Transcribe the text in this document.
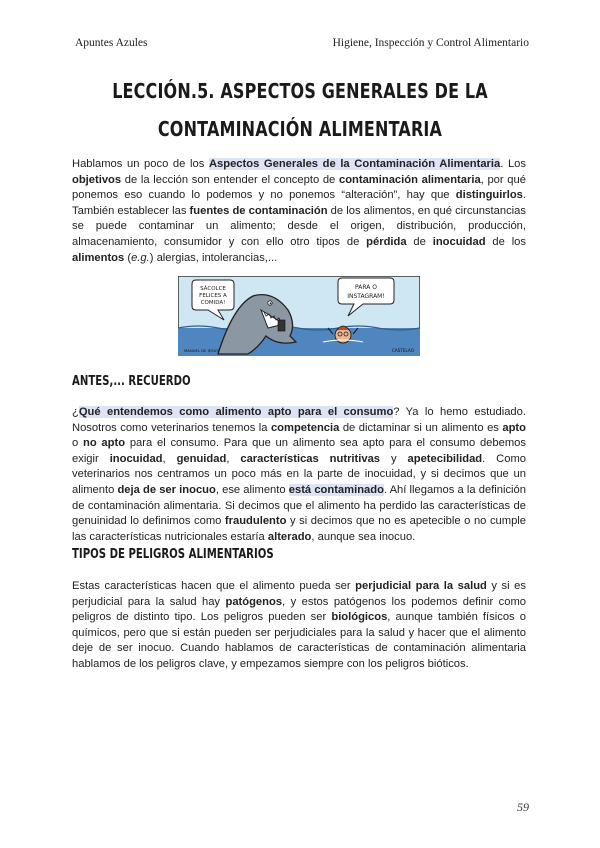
Apuntes Azules	Higiene, Inspección y Control Alimentario
LECCIÓN.5. ASPECTOS GENERALES DE LA CONTAMINACIÓN ALIMENTARIA

Hablamos un poco de los Aspectos Generales de la Contaminación Alimentaria. Los objetivos de la lección son entender el concepto de contaminación alimentaria, por qué ponemos eso cuando lo podemos y no ponemos “alteración”, hay que distinguirlos. También establecer las fuentes de contaminación de los alimentos, en qué circunstancias se puede contaminar un alimento; desde el origen, distribución, producción, almacenamiento, consumidor y con ello otro tipos de pérdida de inocuidad de los alimentos (e.g.) alergias, intolerancias,...

SÁCOLCE
FELICES A
COMIDA!
PARA O
INSTAGRAM!
MANUEL DE JESÚS	CASTELAO
ANTES,... RECUERDO

¿Qué entendemos como alimento apto para el consumo? Ya lo hemo estudiado. Nosotros como veterinarios tenemos la competencia de dictaminar si un alimento es apto o no apto para el consumo. Para que un alimento sea apto para el consumo debemos exigir inocuidad, genuidad, características nutritivas y apetecibilidad. Como veterinarios nos centramos un poco más en la parte de inocuidad, y si decimos que un alimento deja de ser inocuo, ese alimento está contaminado. Ahí llegamos a la definición de contaminación alimentaria. Si decimos que el alimento ha perdido las características de genuinidad lo definimos como fraudulento y si decimos que no es apetecible o no cumple las características nutricionales estaría alterado, aunque sea inocuo.

TIPOS DE PELIGROS ALIMENTARIOS

Estas características hacen que el alimento pueda ser perjudicial para la salud y si es perjudicial para la salud hay patógenos, y estos patógenos los podemos definir como peligros de distinto tipo. Los peligros pueden ser biológicos, aunque también físicos o químicos, pero que si están pueden ser perjudiciales para la salud y hacer que el alimento deje de ser inocuo. Cuando hablamos de características de contaminación alimentaria hablamos de los peligros clave, y empezamos siempre con los peligros bióticos.

59
